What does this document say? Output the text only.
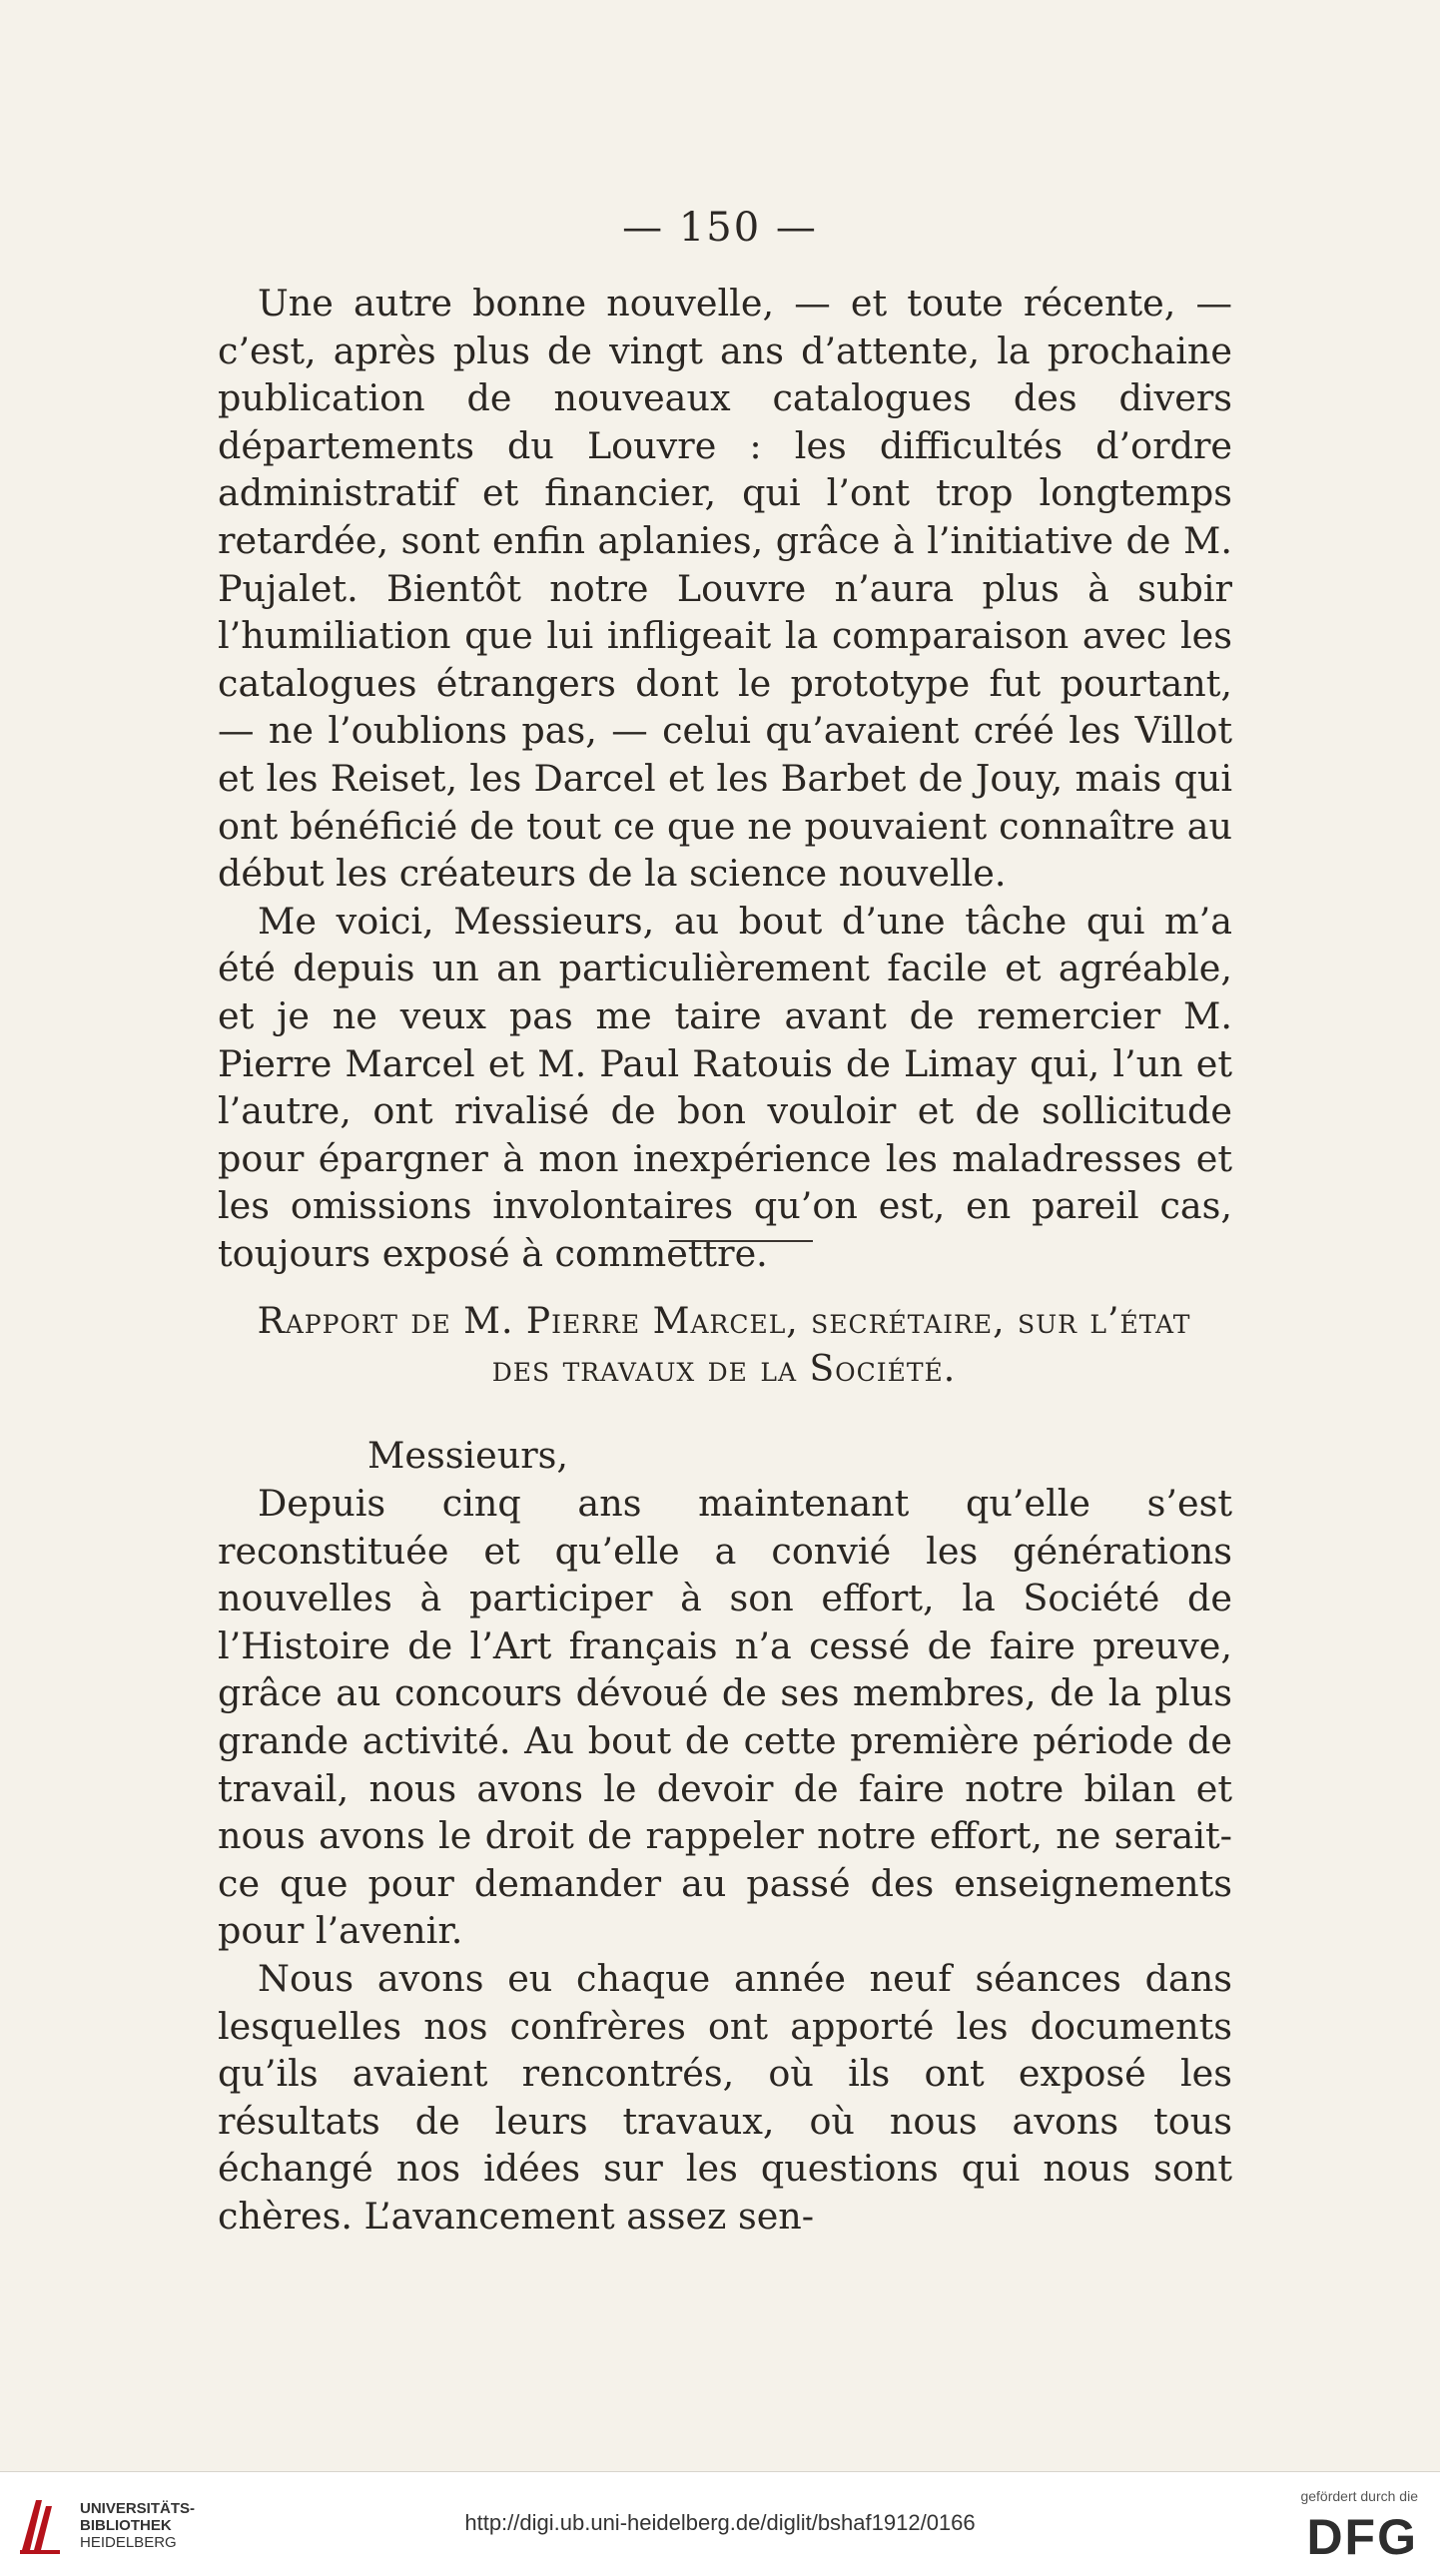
— 150 —

Une autre bonne nouvelle, — et toute récente, — c’est, après plus de vingt ans d’attente, la prochaine publication de nouveaux catalogues des divers départements du Louvre : les difficultés d’ordre administratif et financier, qui l’ont trop longtemps retardée, sont enfin aplanies, grâce à l’initiative de M. Pujalet. Bientôt notre Louvre n’aura plus à subir l’humiliation que lui infligeait la comparaison avec les catalogues étrangers dont le prototype fut pourtant, — ne l’oublions pas, — celui qu’avaient créé les Villot et les Reiset, les Darcel et les Barbet de Jouy, mais qui ont bénéficié de tout ce que ne pouvaient connaître au début les créateurs de la science nouvelle.

Me voici, Messieurs, au bout d’une tâche qui m’a été depuis un an particulièrement facile et agréable, et je ne veux pas me taire avant de remercier M. Pierre Marcel et M. Paul Ratouis de Limay qui, l’un et l’autre, ont rivalisé de bon vouloir et de sollicitude pour épargner à mon inexpérience les maladresses et les omissions involontaires qu’on est, en pareil cas, toujours exposé à commettre.

Rapport de M. Pierre Marcel, secrétaire, sur l’état
des travaux de la Société.
Messieurs,

Depuis cinq ans maintenant qu’elle s’est reconstituée et qu’elle a convié les générations nouvelles à participer à son effort, la Société de l’Histoire de l’Art français n’a cessé de faire preuve, grâce au concours dévoué de ses membres, de la plus grande activité. Au bout de cette première période de travail, nous avons le devoir de faire notre bilan et nous avons le droit de rappeler notre effort, ne serait-ce que pour demander au passé des enseignements pour l’avenir.

Nous avons eu chaque année neuf séances dans lesquelles nos confrères ont apporté les documents qu’ils avaient rencontrés, où ils ont exposé les résultats de leurs travaux, où nous avons tous échangé nos idées sur les questions qui nous sont chères. L’avancement assez sen-

UNIVERSITÄTS-
BIBLIOTHEK
HEIDELBERG
http://digi.ub.uni-heidelberg.de/diglit/bshaf1912/0166
gefördert durch die
DFG
